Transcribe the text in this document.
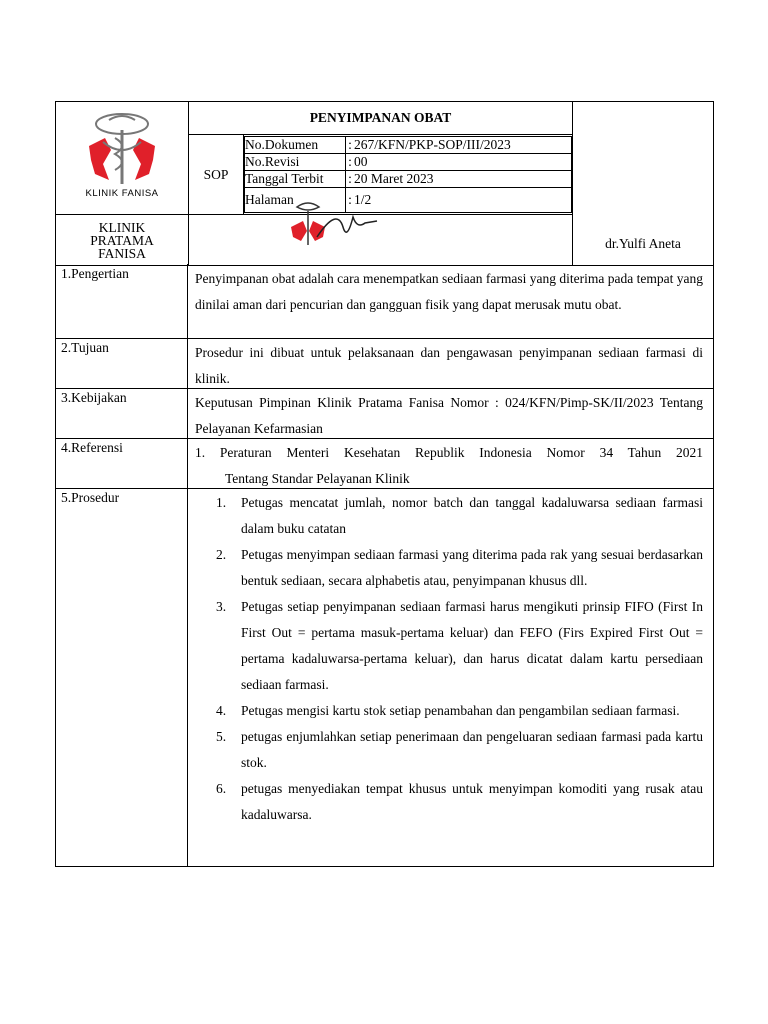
KLINIK FANISA
	PENYIMPANAN OBAT	
dr.Yulfi Aneta

SOP	
No.Dokumen	:	267/KFN/PKP-SOP/III/2023
No.Revisi	:	00
Tanggal Terbit	:	20 Maret 2023
Halaman	:	1/2

KLINIK
PRATAMA
FANISA

1.Pengertian	Penyimpanan obat adalah cara menempatkan sediaan farmasi yang diterima pada tempat yang dinilai aman dari pencurian dan gangguan fisik yang dapat merusak mutu obat.
2.Tujuan	Prosedur ini dibuat untuk pelaksanaan dan pengawasan penyimpanan sediaan farmasi di klinik.
3.Kebijakan	Keputusan Pimpinan Klinik Pratama Fanisa Nomor : 024/KFN/Pimp-SK/II/2023 Tentang Pelayanan Kefarmasian
4.Referensi	1. Peraturan Menteri Kesehatan Republik Indonesia Nomor 34 Tahun 2021
Tentang Standar Pelayanan Klinik
5.Prosedur	1. Petugas mencatat jumlah, nomor batch dan tanggal kadaluwarsa sediaan farmasi dalam buku catatan
2. Petugas menyimpan sediaan farmasi yang diterima pada rak yang sesuai berdasarkan bentuk sediaan, secara alphabetis atau, penyimpanan khusus dll.
3. Petugas setiap penyimpanan sediaan farmasi harus mengikuti prinsip FIFO (First In First Out = pertama masuk-pertama keluar) dan FEFO (Firs Expired First Out = pertama kadaluwarsa-pertama keluar), dan harus dicatat dalam kartu persediaan sediaan farmasi.
4. Petugas mengisi kartu stok setiap penambahan dan pengambilan sediaan farmasi.
5. petugas enjumlahkan setiap penerimaan dan pengeluaran sediaan farmasi pada kartu stok.
6. petugas menyediakan tempat khusus untuk menyimpan komoditi yang rusak atau kadaluwarsa.
